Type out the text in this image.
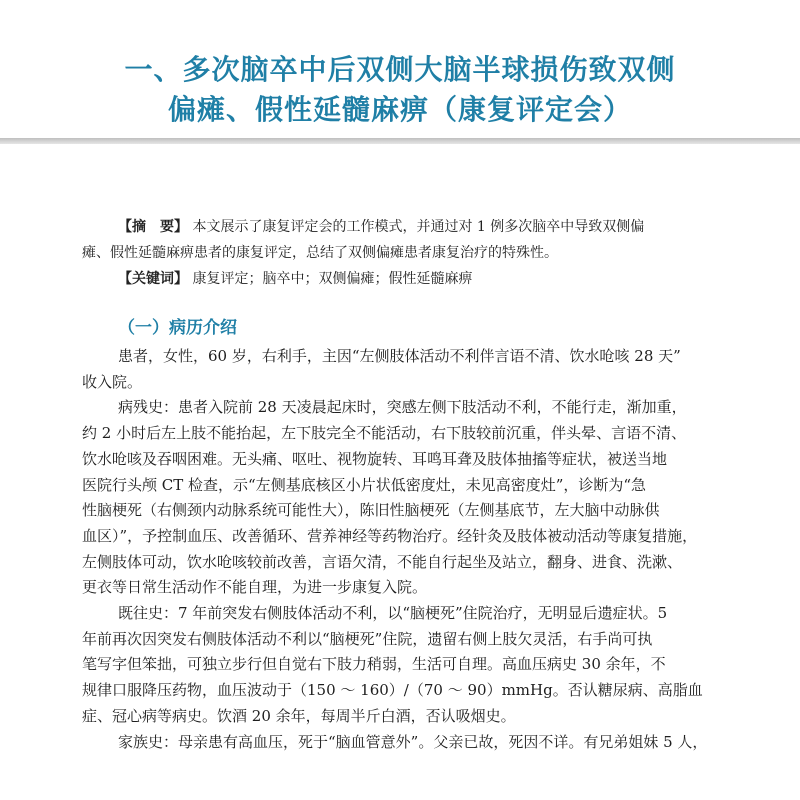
一、多次脑卒中后双侧大脑半球损伤致双侧
偏瘫、假性延髓麻痹（康复评定会）
【摘　要】 本文展示了康复评定会的工作模式，并通过对 1 例多次脑卒中导致双侧偏
瘫、假性延髓麻痹患者的康复评定，总结了双侧偏瘫患者康复治疗的特殊性。
【关键词】 康复评定；脑卒中；双侧偏瘫；假性延髓麻痹
（一）病历介绍
患者，女性，60 岁，右利手，主因“左侧肢体活动不利伴言语不清、饮水呛咳 28 天”
收入院。
病残史：患者入院前 28 天凌晨起床时，突感左侧下肢活动不利，不能行走，渐加重，
约 2 小时后左上肢不能抬起，左下肢完全不能活动，右下肢较前沉重，伴头晕、言语不清、
饮水呛咳及吞咽困难。无头痛、呕吐、视物旋转、耳鸣耳聋及肢体抽搐等症状，被送当地
医院行头颅 CT 检查，示“左侧基底核区小片状低密度灶，未见高密度灶”，诊断为“急
性脑梗死（右侧颈内动脉系统可能性大），陈旧性脑梗死（左侧基底节，左大脑中动脉供
血区）”，予控制血压、改善循环、营养神经等药物治疗。经针灸及肢体被动活动等康复措施，
左侧肢体可动，饮水呛咳较前改善，言语欠清，不能自行起坐及站立，翻身、进食、洗漱、
更衣等日常生活动作不能自理，为进一步康复入院。
既往史：7 年前突发右侧肢体活动不利，以“脑梗死”住院治疗，无明显后遗症状。5
年前再次因突发右侧肢体活动不利以“脑梗死”住院，遗留右侧上肢欠灵活，右手尚可执
笔写字但笨拙，可独立步行但自觉右下肢力稍弱，生活可自理。高血压病史 30 余年，不
规律口服降压药物，血压波动于（150 ～ 160）/（70 ～ 90）mmHg。否认糖尿病、高脂血
症、冠心病等病史。饮酒 20 余年，每周半斤白酒，否认吸烟史。
家族史：母亲患有高血压，死于“脑血管意外”。父亲已故，死因不详。有兄弟姐妹 5 人，
